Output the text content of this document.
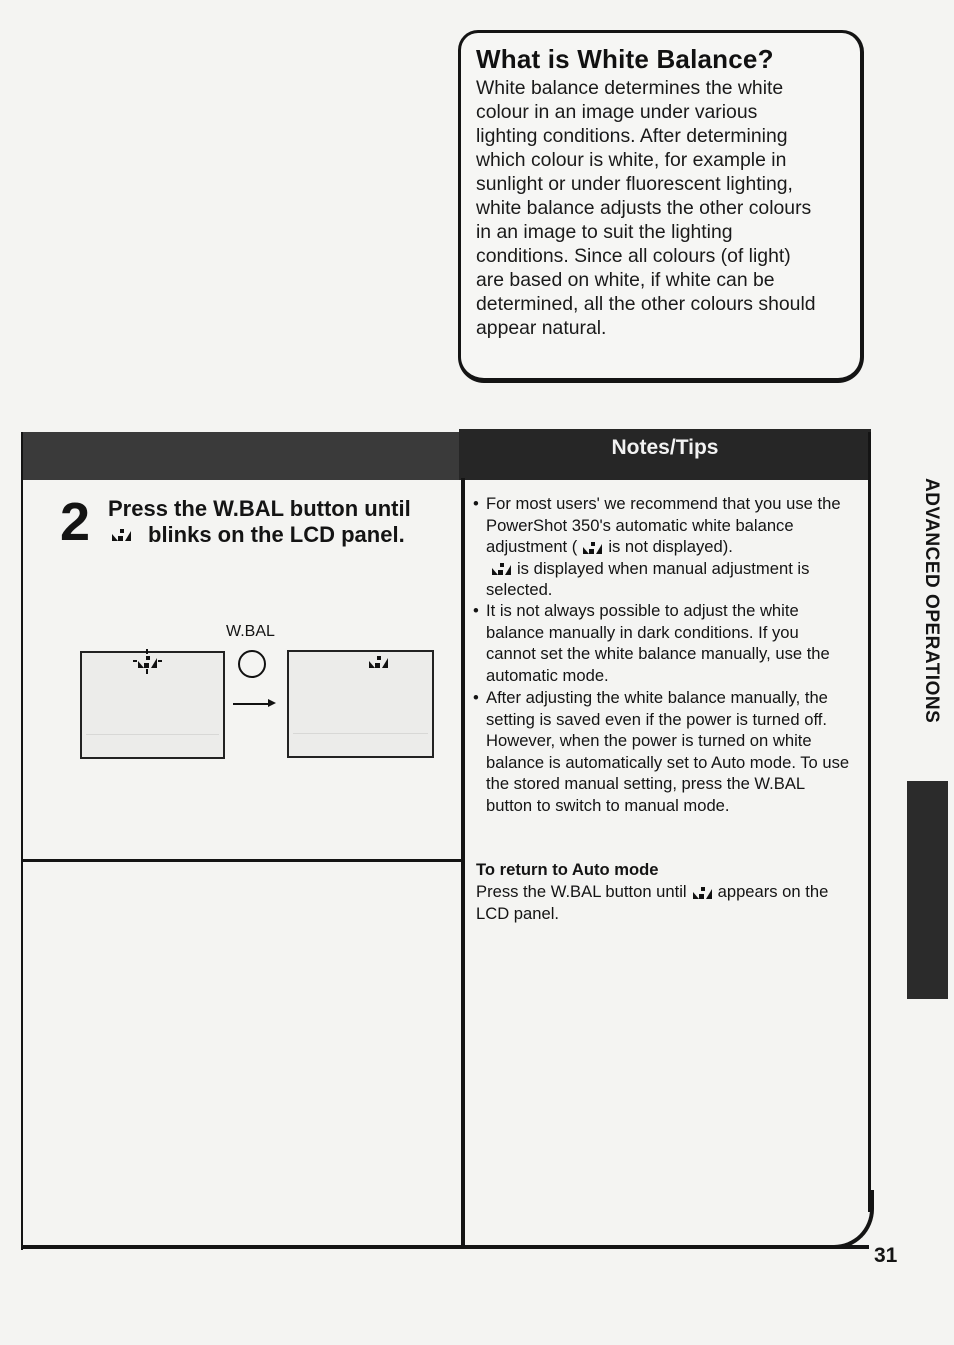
What is White Balance?
White balance determines the white
colour in an image under various
lighting conditions. After determining
which colour is white, for example in
sunlight or under fluorescent lighting,
white balance adjusts the other colours
in an image to suit the lighting
conditions. Since all colours (of light)
are based on white, if white can be
determined, all the other colours should
appear natural.
Notes/Tips
2 Press the W.BAL button until

blinks on the LCD panel.
W.BAL

• For most users' we recommend that you use the PowerShot 350's automatic white balance adjustment ( is not displayed).

is displayed when manual adjustment is selected.
• It is not always possible to adjust the white balance manually in dark conditions. If you cannot set the white balance manually, use the automatic mode.
• After adjusting the white balance manually, the setting is saved even if the power is turned off. However, when the power is turned on white balance is automatically set to Auto mode. To use the stored manual setting, press the W.BAL button to switch to manual mode.
To return to Auto mode
Press the W.BAL button until appears on the LCD panel.
ADVANCED OPERATIONS
31
